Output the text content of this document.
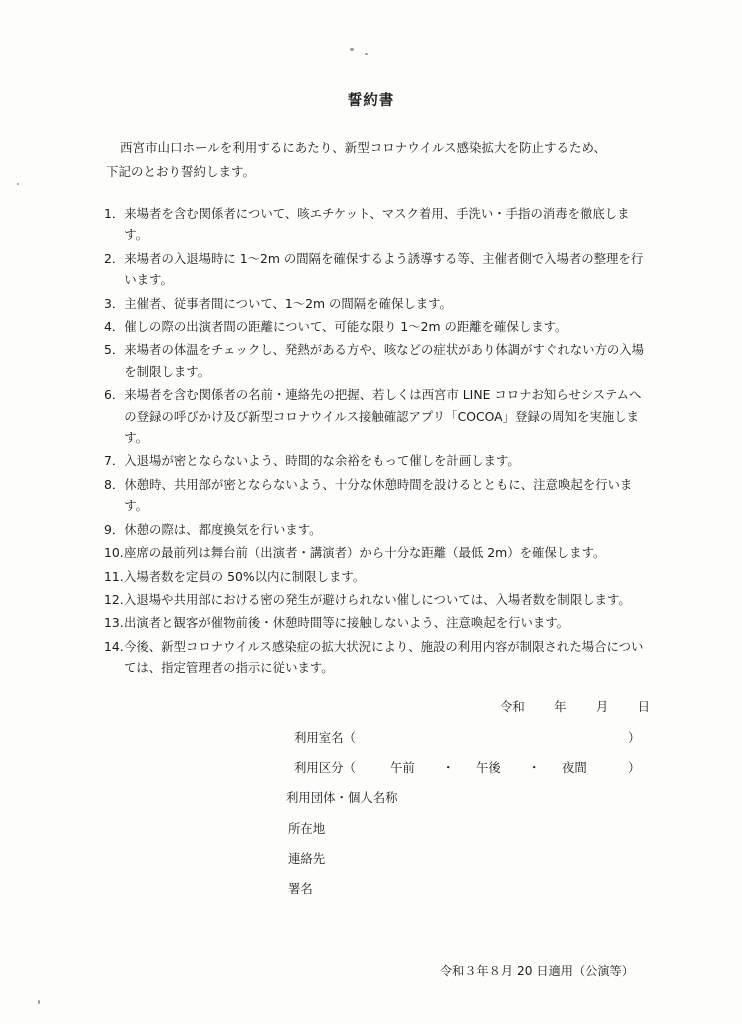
誓約書
西宮市山口ホールを利用するにあたり、新型コロナウイルス感染拡大を防止するため、
下記のとおり誓約します。
1． 来場者を含む関係者について、咳エチケット、マスク着用、手洗い・手指の消毒を徹底します。
2． 来場者の入退場時に 1～2m の間隔を確保するよう誘導する等、主催者側で入場者の整理を行います。
3． 主催者、従事者間について、1～2m の間隔を確保します。
4． 催しの際の出演者間の距離について、可能な限り 1～2m の距離を確保します。
5． 来場者の体温をチェックし、発熱がある方や、咳などの症状があり体調がすぐれない方の入場を制限します。
6． 来場者を含む関係者の名前・連絡先の把握、若しくは西宮市 LINE コロナお知らせシステムへの登録の呼びかけ及び新型コロナウイルス接触確認アプリ「COCOA」登録の周知を実施します。
7． 入退場が密とならないよう、時間的な余裕をもって催しを計画します。
8． 休憩時、共用部が密とならないよう、十分な休憩時間を設けるとともに、注意喚起を行います。
9． 休憩の際は、都度換気を行います。
10. 座席の最前列は舞台前（出演者・講演者）から十分な距離（最低 2m）を確保します。
11. 入場者数を定員の 50%以内に制限します。
12. 入退場や共用部における密の発生が避けられない催しについては、入場者数を制限します。
13. 出演者と観客が催物前後・休憩時間等に接触しないよう、注意喚起を行います。
14. 今後、新型コロナウイルス感染症の拡大状況により、施設の利用内容が制限された場合については、指定管理者の指示に従います。
令和 年 月 日
利用室名（	）
利用区分（	午前 ・ 午後 ・ 夜間	）
利用団体・個人名称
所在地
連絡先
署名
令和３年８月 20 日適用（公演等）
